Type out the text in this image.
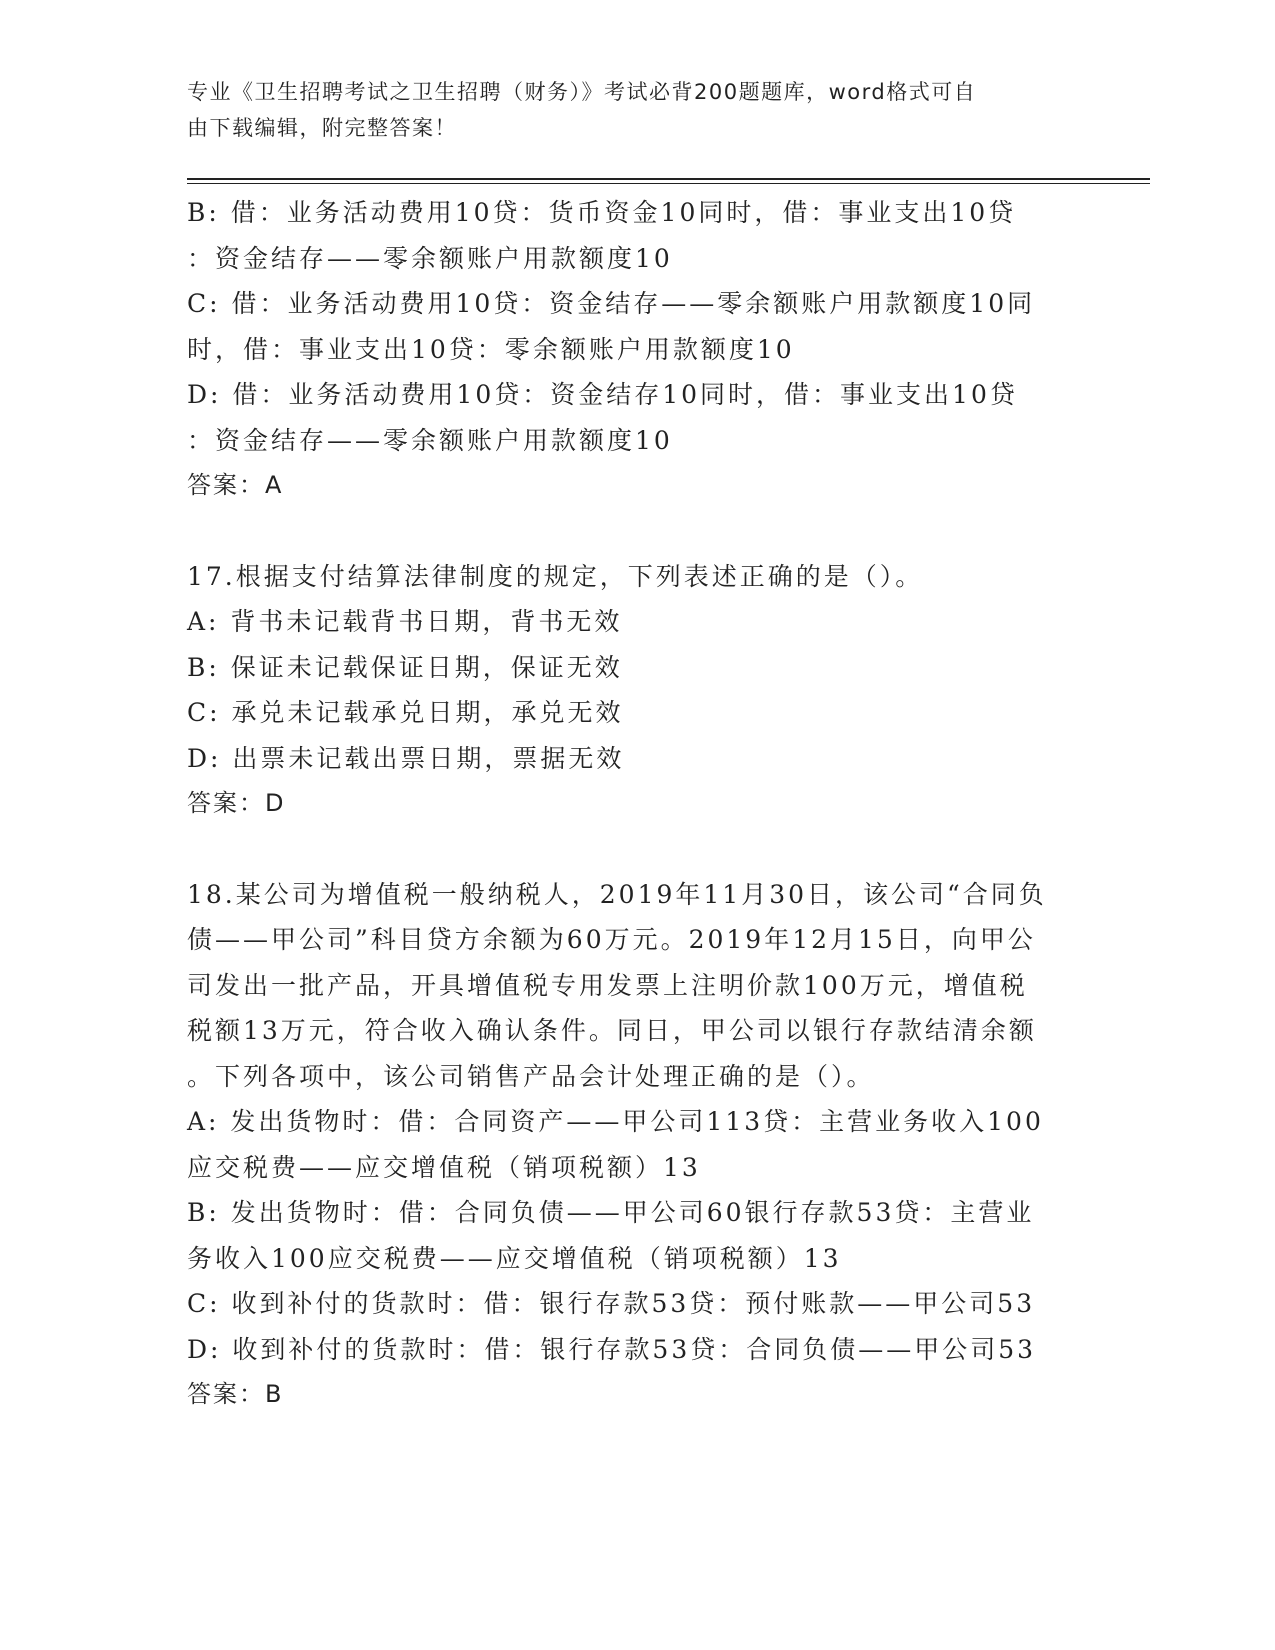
专业《卫生招聘考试之卫生招聘（财务）》考试必背200题题库，word格式可自
由下载编辑，附完整答案！
B: 借：业务活动费用10贷：货币资金10同时，借：事业支出10贷
：资金结存——零余额账户用款额度10
C: 借：业务活动费用10贷：资金结存——零余额账户用款额度10同
时，借：事业支出10贷：零余额账户用款额度10
D: 借：业务活动费用10贷：资金结存10同时，借：事业支出10贷
：资金结存——零余额账户用款额度10
答案：A
17.根据支付结算法律制度的规定，下列表述正确的是（）。
A: 背书未记载背书日期，背书无效
B: 保证未记载保证日期，保证无效
C: 承兑未记载承兑日期，承兑无效
D: 出票未记载出票日期，票据无效
答案：D
18.某公司为增值税一般纳税人，2019年11月30日，该公司“合同负
债——甲公司”科目贷方余额为60万元。2019年12月15日，向甲公
司发出一批产品，开具增值税专用发票上注明价款100万元，增值税
税额13万元，符合收入确认条件。同日，甲公司以银行存款结清余额
。下列各项中，该公司销售产品会计处理正确的是（）。
A: 发出货物时：借：合同资产——甲公司113贷：主营业务收入100
应交税费——应交增值税（销项税额）13
B: 发出货物时：借：合同负债——甲公司60银行存款53贷：主营业
务收入100应交税费——应交增值税（销项税额）13
C: 收到补付的货款时：借：银行存款53贷：预付账款——甲公司53
D: 收到补付的货款时：借：银行存款53贷：合同负债——甲公司53
答案：B
